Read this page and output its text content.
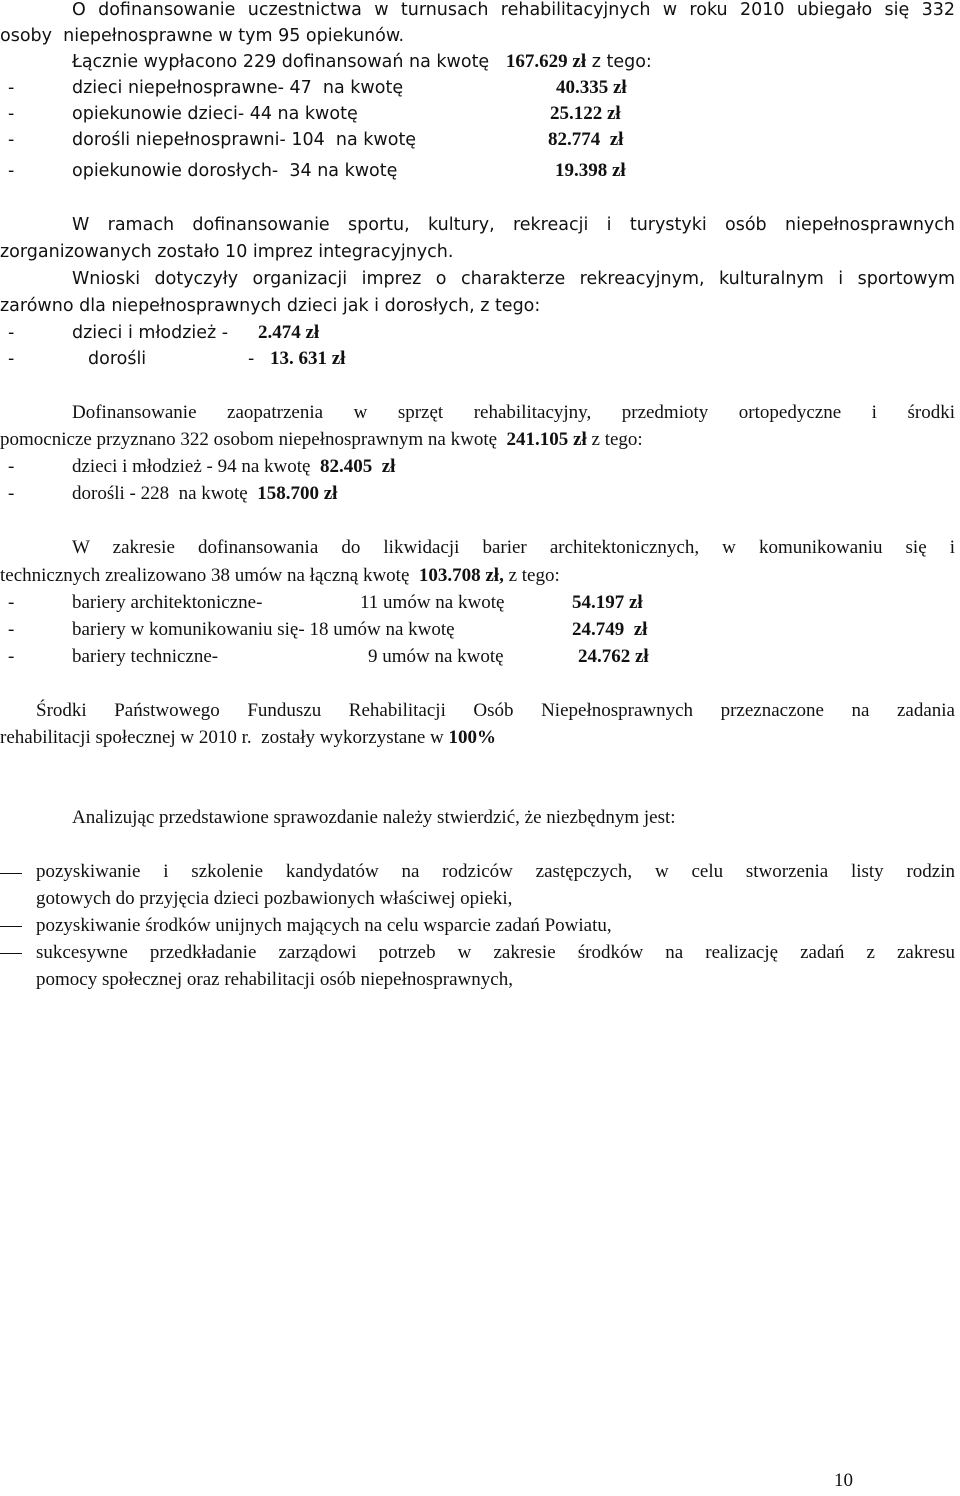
O dofinansowanie uczestnictwa w turnusach rehabilitacyjnych w roku 2010 ubiegało się 332
osoby  niepełnosprawne w tym 95 opiekunów.
Łącznie wypłacono 229 dofinansowań na kwotę 167.629 zł z tego:
-	dzieci niepełnosprawne- 47  na kwotę	40.335 zł
-	opiekunowie dzieci- 44 na kwotę	25.122 zł
-	dorośli niepełnosprawni- 104  na kwotę	82.774  zł
-	opiekunowie dorosłych-  34 na kwotę	19.398 zł
W ramach dofinansowanie sportu, kultury, rekreacji i turystyki osób niepełnosprawnych
zorganizowanych zostało 10 imprez integracyjnych.
Wnioski dotyczyły organizacji imprez o charakterze rekreacyjnym, kulturalnym i sportowym
zarówno dla niepełnosprawnych dzieci jak i dorosłych, z tego:
-	dzieci i młodzież - 2.474 zł
-	dorośli	- 13. 631 zł
Dofinansowanie zaopatrzenia w sprzęt rehabilitacyjny, przedmioty ortopedyczne i środki
pomocnicze przyznano 322 osobom niepełnosprawnym na kwotę 241.105 zł z tego:
-	dzieci i młodzież - 94 na kwotę 82.405  zł
-	dorośli - 228  na kwotę 158.700 zł
W zakresie dofinansowania do likwidacji barier architektonicznych, w komunikowaniu się i
technicznych zrealizowano 38 umów na łączną kwotę 103.708 zł, z tego:
-	bariery architektoniczne-	11 umów na kwotę	54.197 zł
-	bariery w komunikowaniu się- 18 umów na kwotę	24.749  zł
-	bariery techniczne-	9 umów na kwotę	24.762 zł
Środki Państwowego Funduszu Rehabilitacji Osób Niepełnosprawnych przeznaczone na zadania
rehabilitacji społecznej w 2010 r.  zostały wykorzystane w 100%
Analizując przedstawione sprawozdanie należy stwierdzić, że niezbędnym jest:
pozyskiwanie i szkolenie kandydatów na rodziców zastępczych, w celu stworzenia listy rodzin
gotowych do przyjęcia dzieci pozbawionych właściwej opieki,
pozyskiwanie środków unijnych mających na celu wsparcie zadań Powiatu,
sukcesywne przedkładanie zarządowi potrzeb w zakresie środków na realizację zadań z zakresu
pomocy społecznej oraz rehabilitacji osób niepełnosprawnych,
10
